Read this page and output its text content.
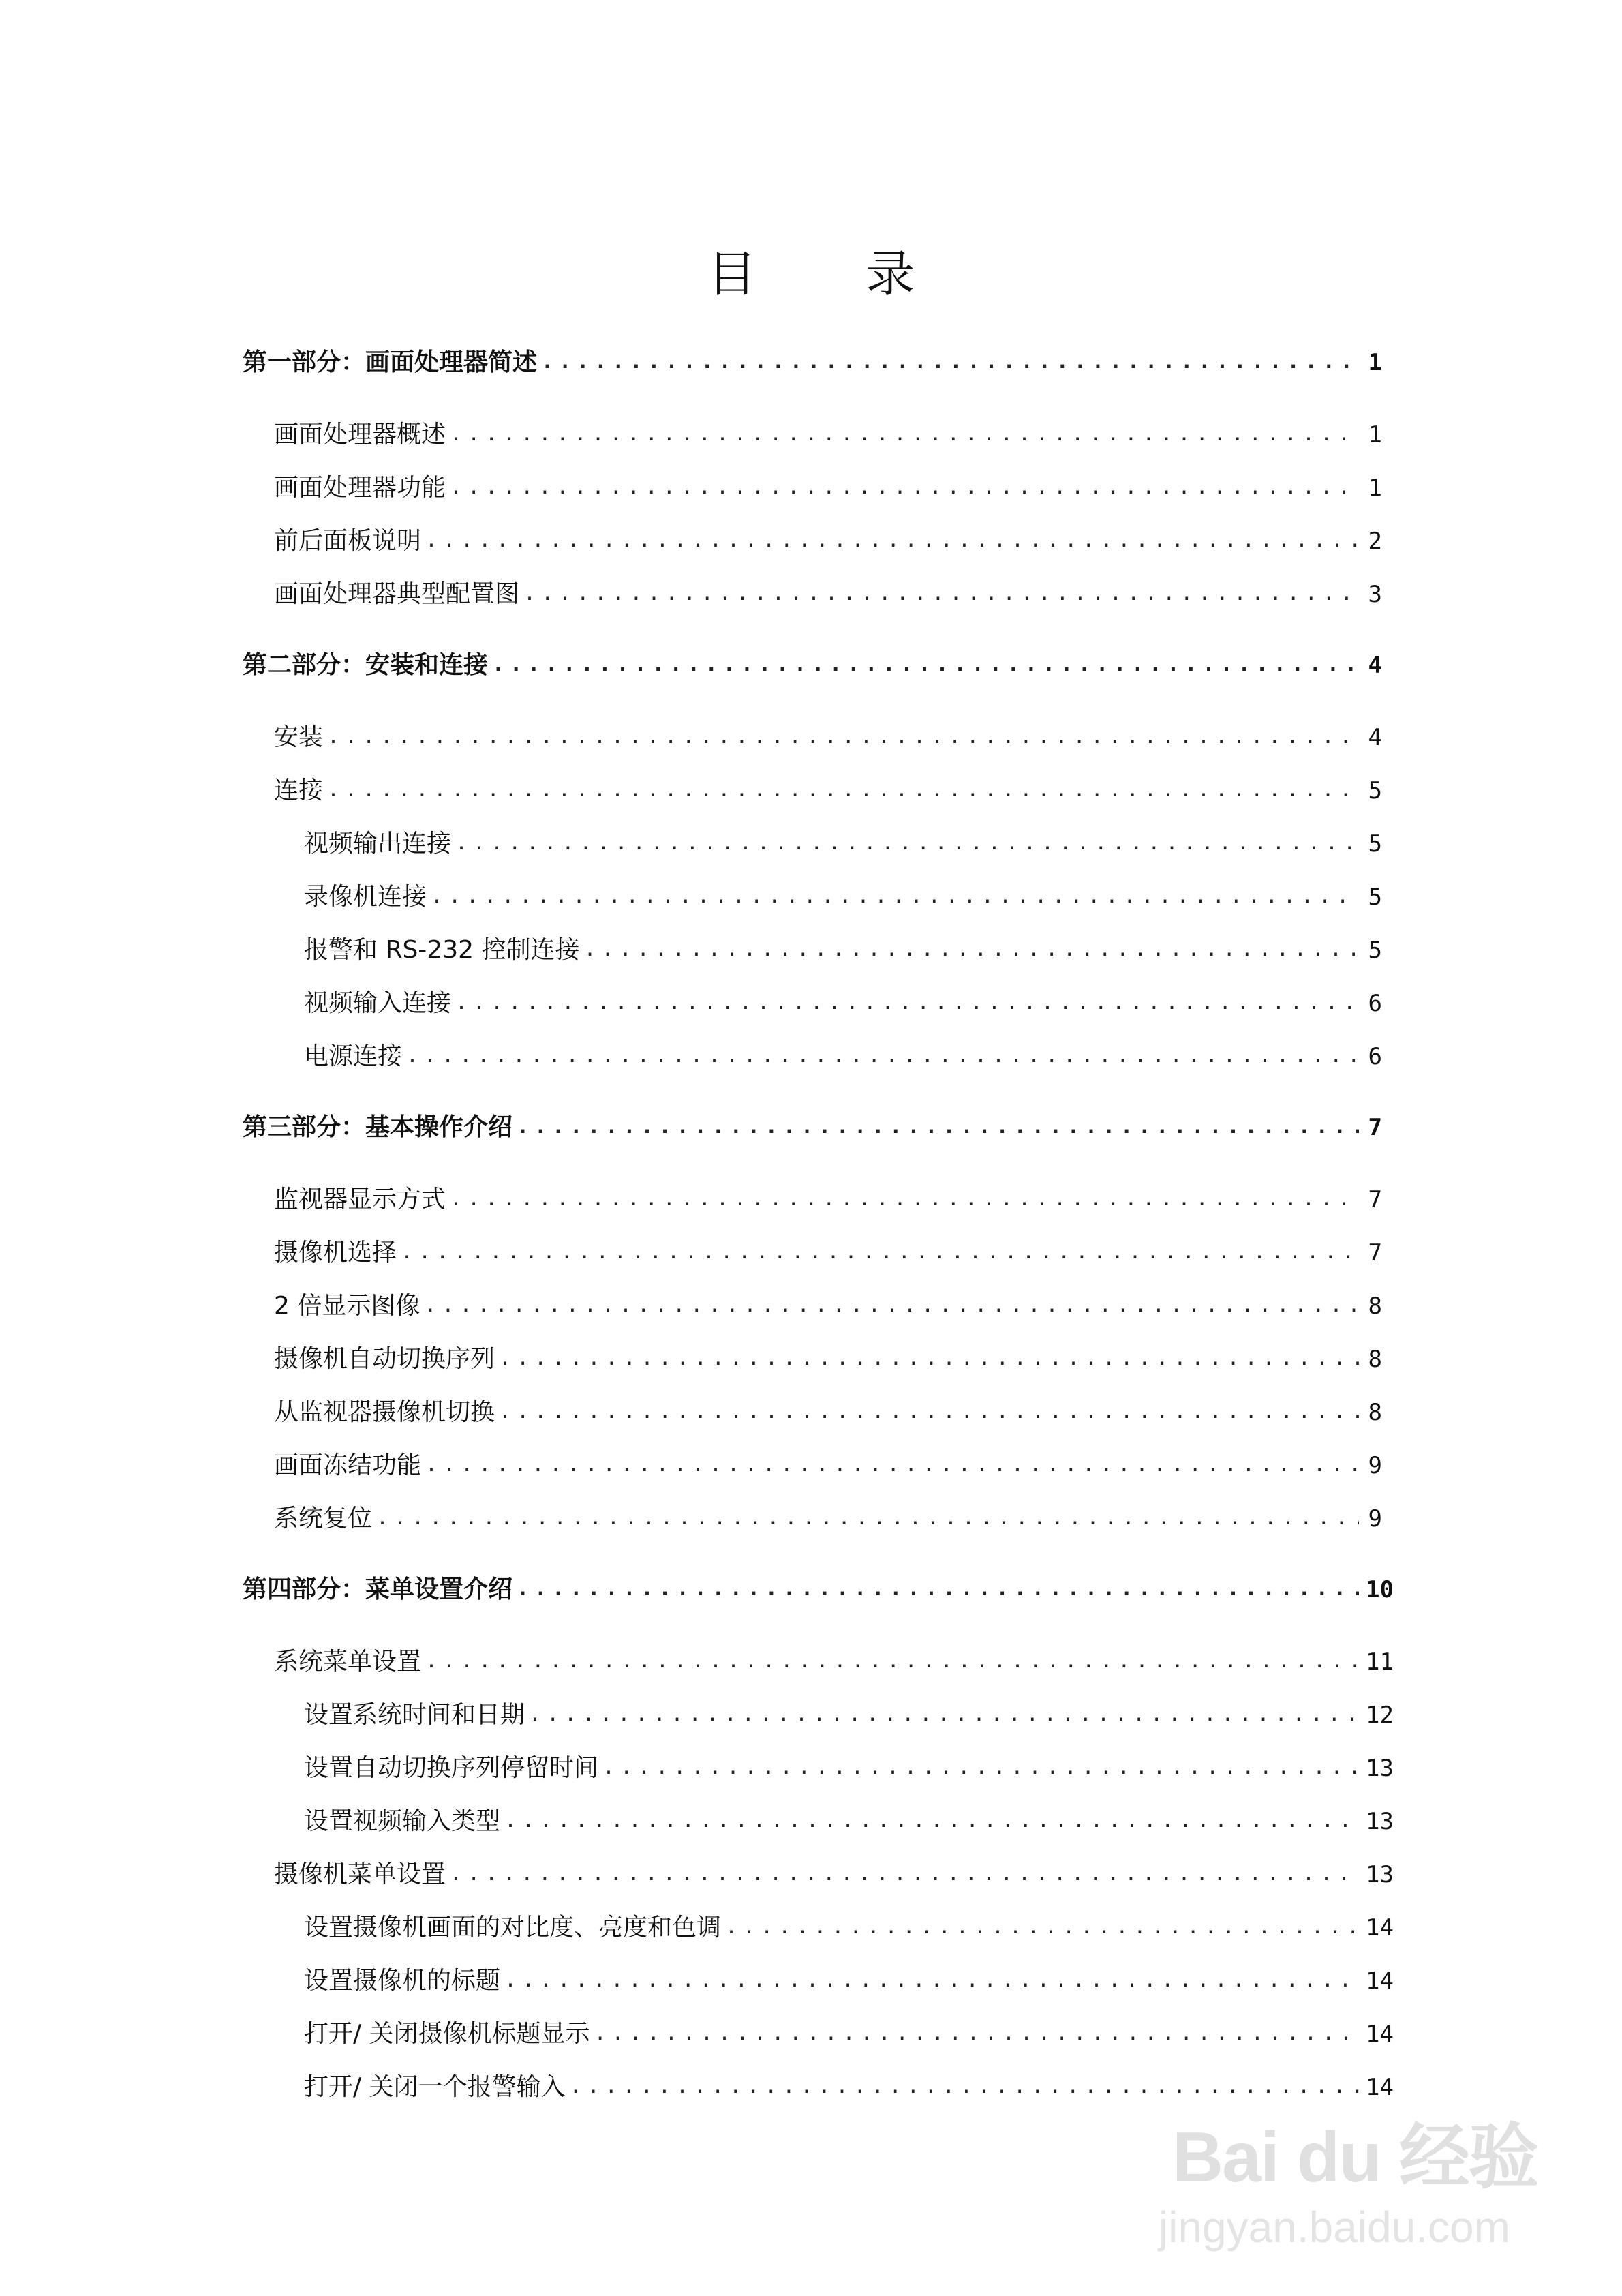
目       录
第一部分：画面处理器简述 .....	1
画面处理器概述 .....	1
画面处理器功能 .....	1
前后面板说明 .....	2
画面处理器典型配置图 .....	3
第二部分：安装和连接 .....	4
安装 .....	4
连接 .....	5
视频输出连接 .....	5
录像机连接 .....	5
报警和 RS-232 控制连接 .....	5
视频输入连接 .....	6
电源连接 .....	6
第三部分：基本操作介绍 .....	7
监视器显示方式 .....	7
摄像机选择 .....	7
2 倍显示图像 .....	8
摄像机自动切换序列 .....	8
从监视器摄像机切换 .....	8
画面冻结功能 .....	9
系统复位 .....	9
第四部分：菜单设置介绍 .....	10
系统菜单设置 .....	11
设置系统时间和日期 .....	12
设置自动切换序列停留时间 .....	13
设置视频输入类型 .....	13
摄像机菜单设置 .....	13
设置摄像机画面的对比度、亮度和色调 .....	14
设置摄像机的标题 .....	14
打开/ 关闭摄像机标题显示 .....	14
打开/ 关闭一个报警输入 .....	14
Bai du 经验
jingyan.baidu.com
